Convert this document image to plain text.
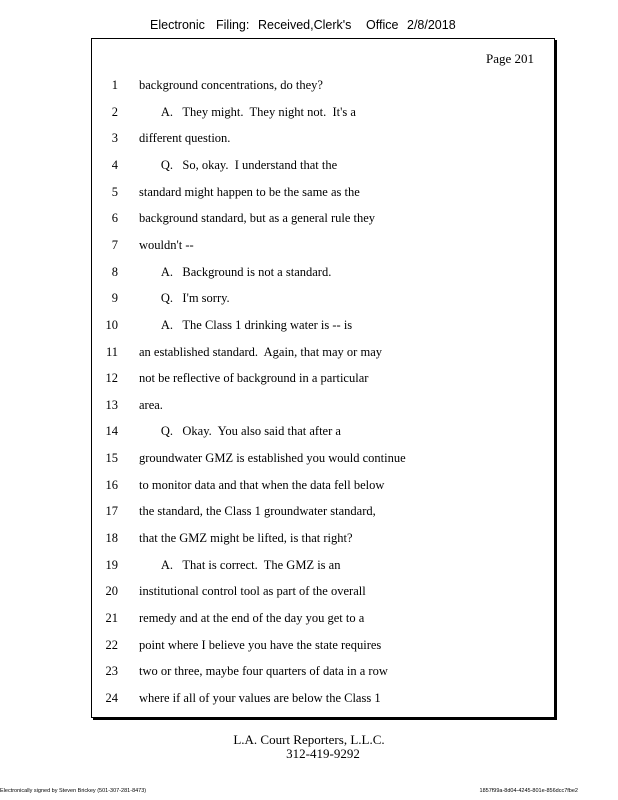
Electronic Filing: Received,Clerk's Office 2/8/2018
Page 201
1 background concentrations, do they?
2 A.   They might.  They night not.  It's a
3 different question.
4 Q.   So, okay.  I understand that the
5 standard might happen to be the same as the
6 background standard, but as a general rule they
7 wouldn't --
8 A.   Background is not a standard.
9 Q.   I'm sorry.
10 A.   The Class 1 drinking water is -- is
11 an established standard.  Again, that may or may
12 not be reflective of background in a particular
13 area.
14 Q.   Okay.  You also said that after a
15 groundwater GMZ is established you would continue
16 to monitor data and that when the data fell below
17 the standard, the Class 1 groundwater standard,
18 that the GMZ might be lifted, is that right?
19 A.   That is correct.  The GMZ is an
20 institutional control tool as part of the overall
21 remedy and at the end of the day you get to a
22 point where I believe you have the state requires
23 two or three, maybe four quarters of data in a row
24 where if all of your values are below the Class 1
L.A. Court Reporters, L.L.C.
312-419-9292
Electronically signed by Steven Brickey (501-307-281-8473)	1857f99a-8d04-4245-801e-856dcc7fbe2
